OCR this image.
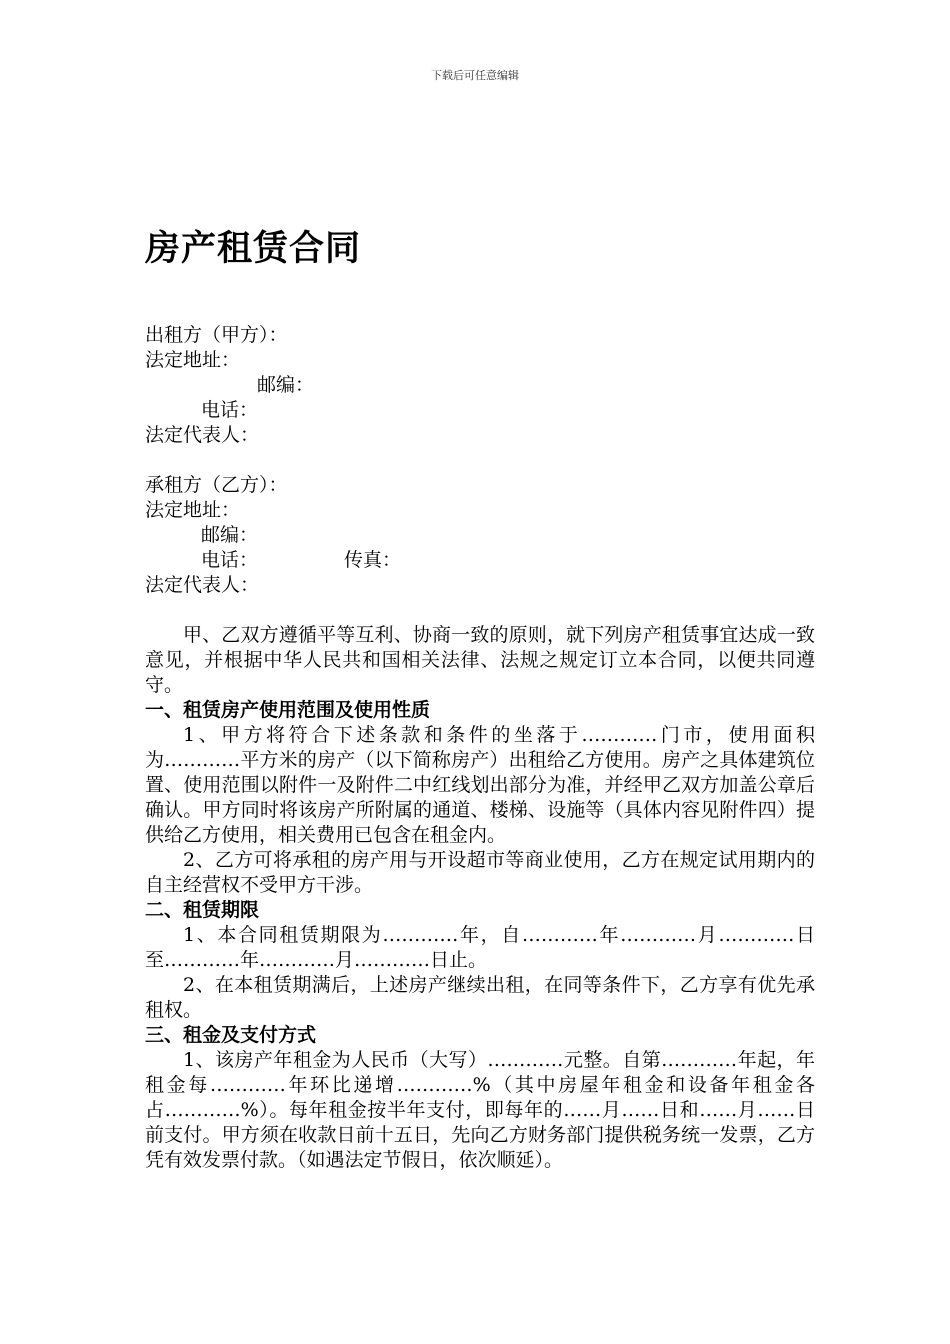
下载后可任意编辑
房产租赁合同
出租方（甲方）：
法定地址：
邮编：
电话：
法定代表人：
承租方（乙方）：
法定地址：
邮编：
电话：	传真：
法定代表人：

甲、乙双方遵循平等互利、协商一致的原则，就下列房产租赁事宜达成一致意见，并根据中华人民共和国相关法律、法规之规定订立本合同，以便共同遵守。

一、租赁房产使用范围及使用性质

1、甲方将符合下述条款和条件的坐落于…………门市，使用面积为…………平方米的房产（以下简称房产）出租给乙方使用。房产之具体建筑位置、使用范围以附件一及附件二中红线划出部分为准，并经甲乙双方加盖公章后确认。甲方同时将该房产所附属的通道、楼梯、设施等（具体内容见附件四）提供给乙方使用，相关费用已包含在租金内。

2、乙方可将承租的房产用与开设超市等商业使用，乙方在规定试用期内的自主经营权不受甲方干涉。

二、租赁期限

1、本合同租赁期限为…………年，自…………年…………月…………日至…………年…………月…………日止。

2、在本租赁期满后，上述房产继续出租，在同等条件下，乙方享有优先承租权。

三、租金及支付方式

1、该房产年租金为人民币（大写）…………元整。自第…………年起，年租金每…………年环比递增…………%（其中房屋年租金和设备年租金各占…………%）。每年租金按半年支付，即每年的……月……日和……月……日前支付。甲方须在收款日前十五日，先向乙方财务部门提供税务统一发票，乙方凭有效发票付款。（如遇法定节假日，依次顺延）。
